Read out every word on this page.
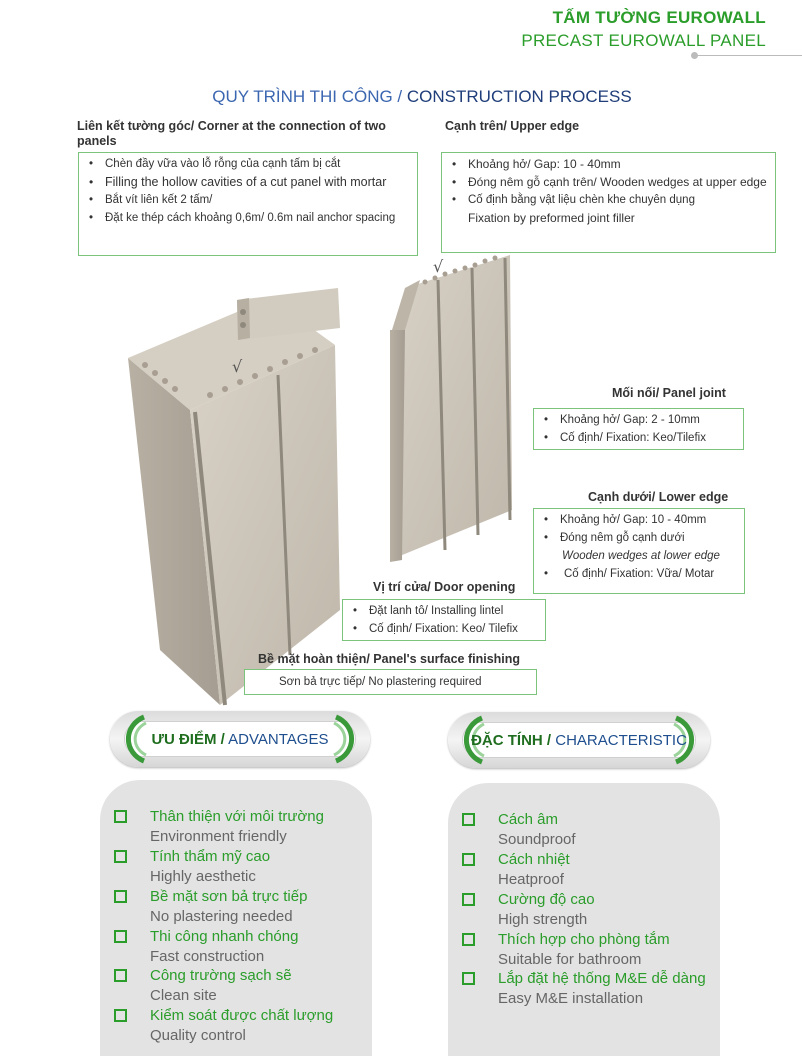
TẤM TƯỜNG EUROWALL
PRECAST EUROWALL PANEL
QUY TRÌNH THI CÔNG / CONSTRUCTION PROCESS
Liên kết tường góc/ Corner at the connection of two panels
• Chèn đầy vữa vào lỗ rỗng của cạnh tấm bị cắt
• Filling the hollow cavities of a cut panel with mortar
• Bắt vít liên kết 2 tấm/
• Đặt ke thép cách khoảng 0,6m/ 0.6m nail anchor spacing
Cạnh trên/ Upper edge
• Khoảng hở/ Gap: 10 - 40mm
• Đóng nêm gỗ cạnh trên/ Wooden wedges at upper edge
• Cố định bằng vật liệu chèn khe chuyên dụng
Fixation by preformed joint filler
√
√
Mối nối/ Panel joint
• Khoảng hở/ Gap: 2 - 10mm
• Cố định/ Fixation: Keo/Tilefix
Cạnh dưới/ Lower edge
• Khoảng hở/ Gap: 10 - 40mm
• Đóng nêm gỗ cạnh dưới
Wooden wedges at lower edge
• Cố định/ Fixation: Vữa/ Motar
Vị trí cửa/ Door opening
• Đặt lanh tô/ Installing lintel
• Cố định/ Fixation: Keo/ Tilefix
Bề mặt hoàn thiện/ Panel's surface finishing
Sơn bả trực tiếp/ No plastering required
ƯU ĐIỂM / ADVANTAGES	ĐẶC TÍNH / CHARACTERISTIC
Thân thiện với môi trường
Environment friendly
Tính thẩm mỹ cao
Highly aesthetic
Bề mặt sơn bả trực tiếp
No plastering needed
Thi công nhanh chóng
Fast construction
Công trường sạch sẽ
Clean site
Kiểm soát được chất lượng
Quality control
Cách âm
Soundproof
Cách nhiệt
Heatproof
Cường độ cao
High strength
Thích hợp cho phòng tắm
Suitable for bathroom
Lắp đặt hệ thống M&E dễ dàng
Easy M&E installation
